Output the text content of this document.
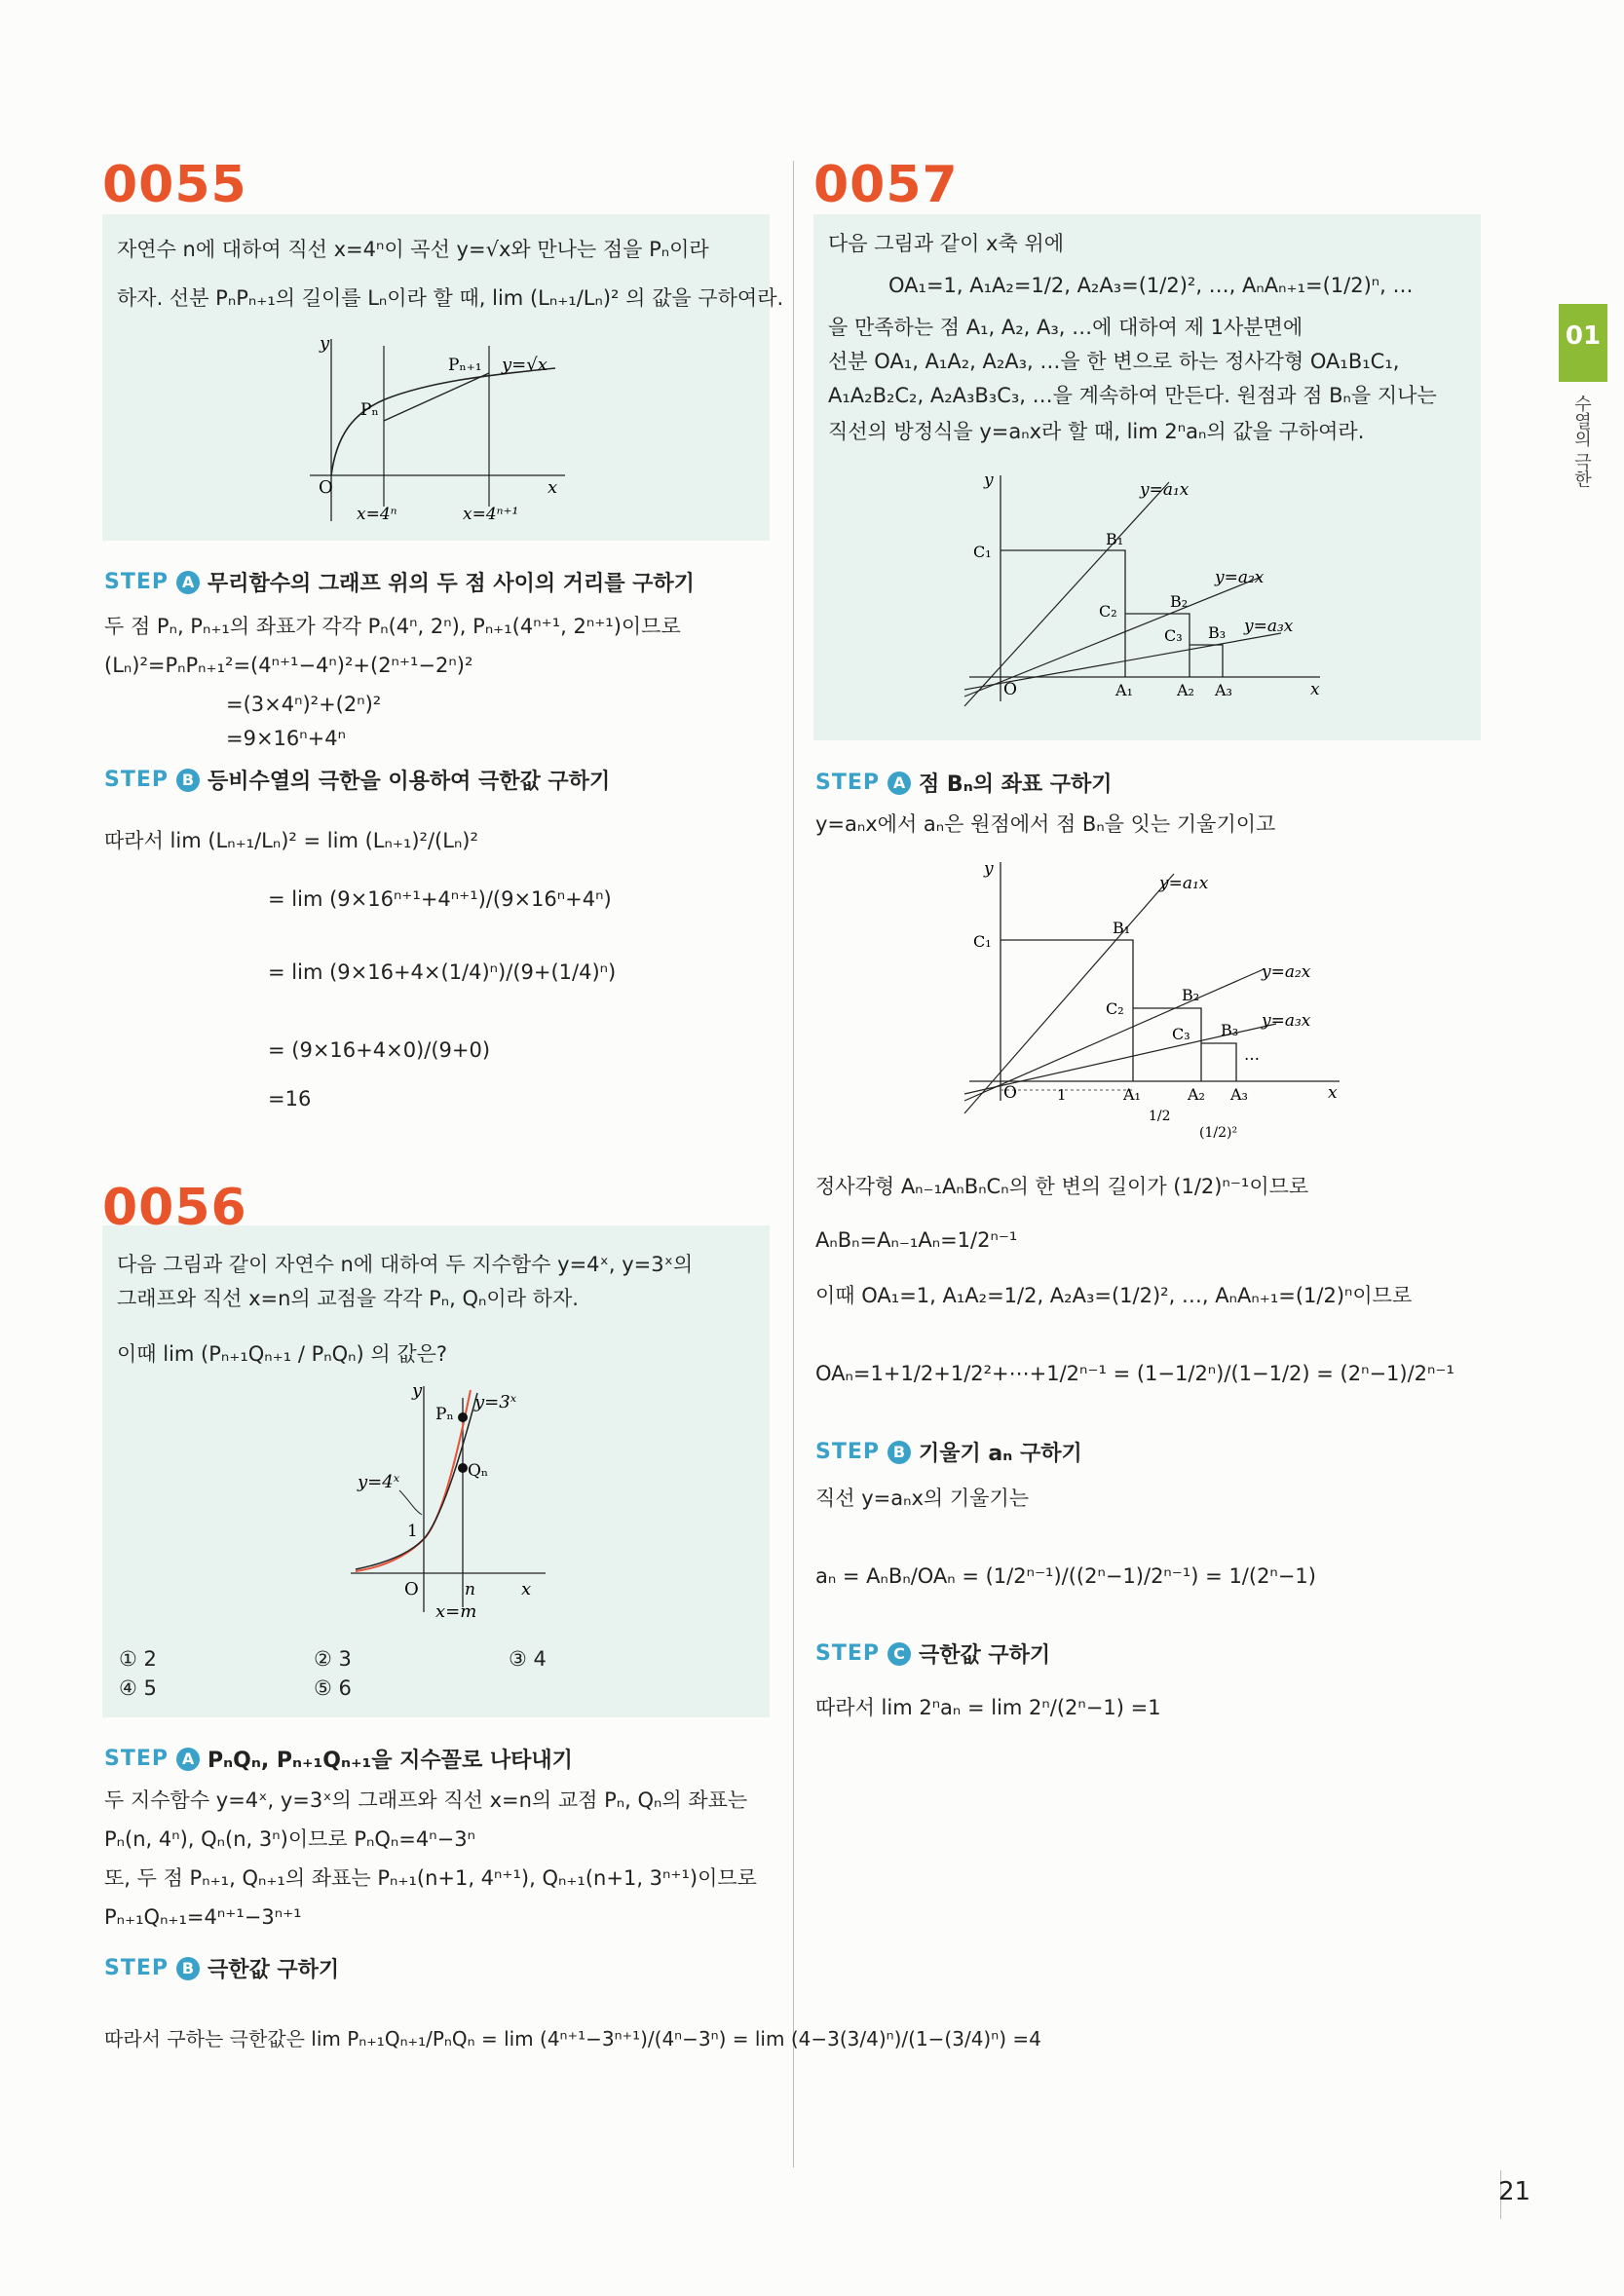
01
수열의 극한
0055
자연수 n에 대하여 직선 x=4ⁿ이 곡선 y=√x와 만나는 점을 Pₙ이라
하자. 선분 PₙPₙ₊₁의 길이를 Lₙ이라 할 때, lim (Lₙ₊₁/Lₙ)² 의 값을 구하여라.
y
x
O
y=√x
Pₙ
Pₙ₊₁
x=4ⁿ	x=4ⁿ⁺¹
STEP A 무리함수의 그래프 위의 두 점 사이의 거리를 구하기
두 점 Pₙ, Pₙ₊₁의 좌표가 각각 Pₙ(4ⁿ, 2ⁿ), Pₙ₊₁(4ⁿ⁺¹, 2ⁿ⁺¹)이므로
(Lₙ)²=PₙPₙ₊₁²=(4ⁿ⁺¹−4ⁿ)²+(2ⁿ⁺¹−2ⁿ)²
=(3×4ⁿ)²+(2ⁿ)²
=9×16ⁿ+4ⁿ
STEP B 등비수열의 극한을 이용하여 극한값 구하기
따라서 lim (Lₙ₊₁/Lₙ)² = lim (Lₙ₊₁)²/(Lₙ)²
= lim (9×16ⁿ⁺¹+4ⁿ⁺¹)/(9×16ⁿ+4ⁿ)
= lim (9×16+4×(1/4)ⁿ)/(9+(1/4)ⁿ)
= (9×16+4×0)/(9+0)
=16
0056
다음 그림과 같이 자연수 n에 대하여 두 지수함수 y=4ˣ, y=3ˣ의
그래프와 직선 x=n의 교점을 각각 Pₙ, Qₙ이라 하자.
이때 lim (Pₙ₊₁Qₙ₊₁ / PₙQₙ) 의 값은?
y
x
O
1
y=3ˣ
y=4ˣ
Pₙ
Qₙ
n
x=m
① 2	② 3	③ 4
④ 5	⑤ 6
STEP A PₙQₙ, Pₙ₊₁Qₙ₊₁을 지수꼴로 나타내기
두 지수함수 y=4ˣ, y=3ˣ의 그래프와 직선 x=n의 교점 Pₙ, Qₙ의 좌표는
Pₙ(n, 4ⁿ), Qₙ(n, 3ⁿ)이므로 PₙQₙ=4ⁿ−3ⁿ
또, 두 점 Pₙ₊₁, Qₙ₊₁의 좌표는 Pₙ₊₁(n+1, 4ⁿ⁺¹), Qₙ₊₁(n+1, 3ⁿ⁺¹)이므로
Pₙ₊₁Qₙ₊₁=4ⁿ⁺¹−3ⁿ⁺¹
STEP B 극한값 구하기
따라서 구하는 극한값은 lim Pₙ₊₁Qₙ₊₁/PₙQₙ = lim (4ⁿ⁺¹−3ⁿ⁺¹)/(4ⁿ−3ⁿ) = lim (4−3(3/4)ⁿ)/(1−(3/4)ⁿ) =4
0057
다음 그림과 같이 x축 위에
OA₁=1, A₁A₂=1/2, A₂A₃=(1/2)², …, AₙAₙ₊₁=(1/2)ⁿ, …
을 만족하는 점 A₁, A₂, A₃, …에 대하여 제 1사분면에
선분 OA₁, A₁A₂, A₂A₃, …을 한 변으로 하는 정사각형 OA₁B₁C₁,
A₁A₂B₂C₂, A₂A₃B₃C₃, …을 계속하여 만든다. 원점과 점 Bₙ을 지나는
직선의 방정식을 y=aₙx라 할 때, lim 2ⁿaₙ의 값을 구하여라.
y
x
O
y=a₁x
y=a₂x
y=a₃x
C₁
B₁
C₂
B₂
C₃ B₃
A₁	A₂ A₃
STEP A 점 Bₙ의 좌표 구하기
y=aₙx에서 aₙ은 원점에서 점 Bₙ을 잇는 기울기이고
y
x
O
y=a₁x
y=a₂x
y=a₃x
C₁
B₁
C₂
B₂
C₃ B₃
…
A₁	A₂ A₃
1
1/2
(1/2)²
정사각형 Aₙ₋₁AₙBₙCₙ의 한 변의 길이가 (1/2)ⁿ⁻¹이므로
AₙBₙ=Aₙ₋₁Aₙ=1/2ⁿ⁻¹
이때 OA₁=1, A₁A₂=1/2, A₂A₃=(1/2)², …, AₙAₙ₊₁=(1/2)ⁿ이므로
OAₙ=1+1/2+1/2²+⋯+1/2ⁿ⁻¹ = (1−1/2ⁿ)/(1−1/2) = (2ⁿ−1)/2ⁿ⁻¹
STEP B 기울기 aₙ 구하기
직선 y=aₙx의 기울기는
aₙ = AₙBₙ/OAₙ = (1/2ⁿ⁻¹)/((2ⁿ−1)/2ⁿ⁻¹) = 1/(2ⁿ−1)
STEP C 극한값 구하기
따라서 lim 2ⁿaₙ = lim 2ⁿ/(2ⁿ−1) =1
21
